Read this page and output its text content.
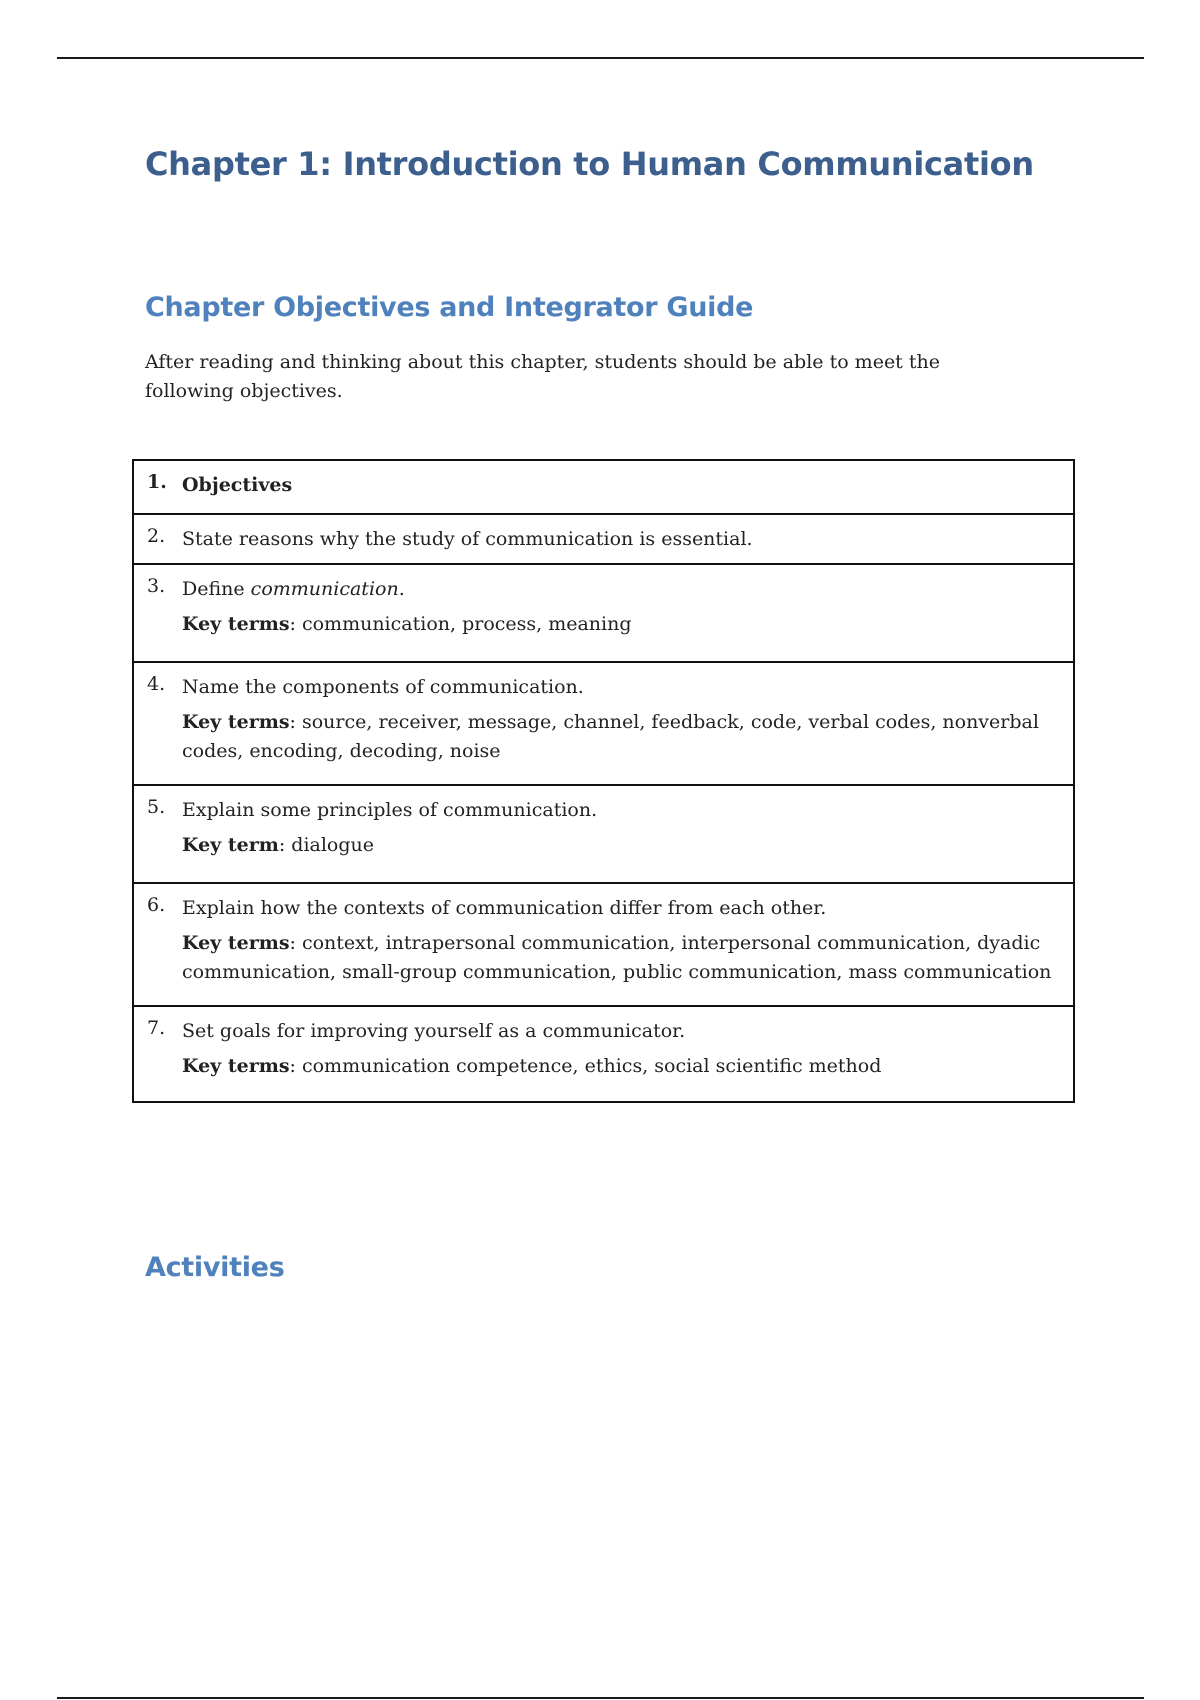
Chapter 1: Introduction to Human Communication
Chapter Objectives and Integrator Guide

After reading and thinking about this chapter, students should be able to meet the following objectives.

1. Objectives

2. State reasons why the study of communication is essential.

3. Define communication.
Key terms: communication, process, meaning

4. Name the components of communication.
Key terms: source, receiver, message, channel, feedback, code, verbal codes, nonverbal codes, encoding, decoding, noise

5. Explain some principles of communication.
Key term: dialogue

6. Explain how the contexts of communication differ from each other.
Key terms: context, intrapersonal communication, interpersonal communication, dyadic communication, small-group communication, public communication, mass communication

7. Set goals for improving yourself as a communicator.
Key terms: communication competence, ethics, social scientific method
Activities
